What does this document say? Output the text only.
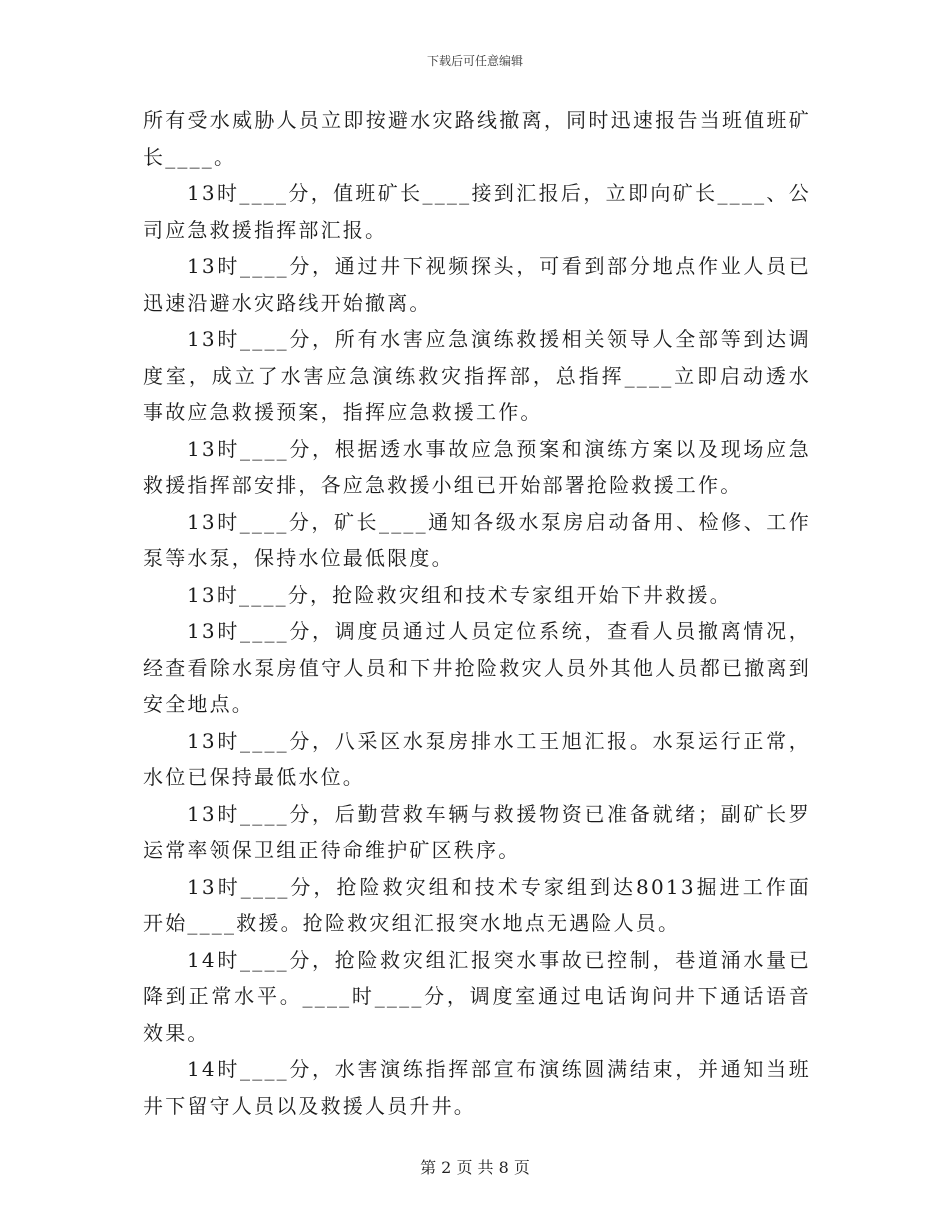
下载后可任意编辑

所有受水威胁人员立即按避水灾路线撤离，同时迅速报告当班值班矿长____。

13时____分，值班矿长____接到汇报后，立即向矿长____、公司应急救援指挥部汇报。

13时____分，通过井下视频探头，可看到部分地点作业人员已迅速沿避水灾路线开始撤离。

13时____分，所有水害应急演练救援相关领导人全部等到达调度室，成立了水害应急演练救灾指挥部，总指挥____立即启动透水事故应急救援预案，指挥应急救援工作。

13时____分，根据透水事故应急预案和演练方案以及现场应急救援指挥部安排，各应急救援小组已开始部署抢险救援工作。

13时____分，矿长____通知各级水泵房启动备用、检修、工作泵等水泵，保持水位最低限度。

13时____分，抢险救灾组和技术专家组开始下井救援。

13时____分，调度员通过人员定位系统，查看人员撤离情况，经查看除水泵房值守人员和下井抢险救灾人员外其他人员都已撤离到安全地点。

13时____分，八采区水泵房排水工王旭汇报。水泵运行正常，水位已保持最低水位。

13时____分，后勤营救车辆与救援物资已准备就绪；副矿长罗运常率领保卫组正待命维护矿区秩序。

13时____分，抢险救灾组和技术专家组到达8013掘进工作面开始____救援。抢险救灾组汇报突水地点无遇险人员。

14时____分，抢险救灾组汇报突水事故已控制，巷道涌水量已降到正常水平。____时____分，调度室通过电话询问井下通话语音效果。

14时____分，水害演练指挥部宣布演练圆满结束，并通知当班井下留守人员以及救援人员升井。

第 2 页 共 8 页
